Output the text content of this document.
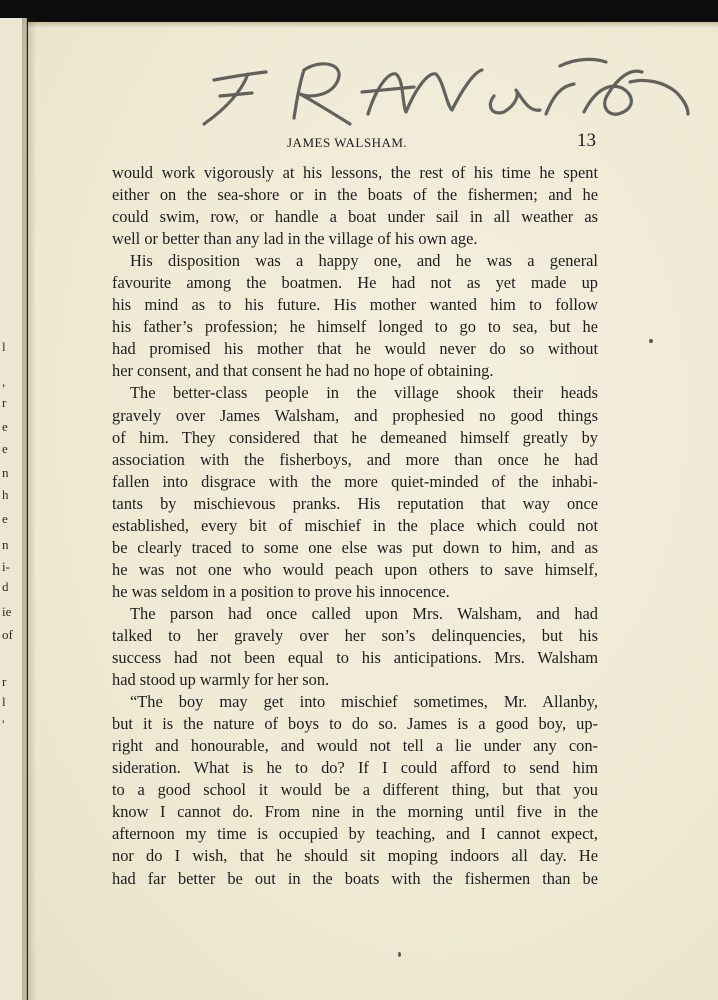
l
,
r
e
e
n
h
e
n
i-
d
ie
of
r
l
'
JAMES WALSHAM.	13
would work vigorously at his lessons, the rest of his time he spent
either on the sea-shore or in the boats of the fishermen; and he
could swim, row, or handle a boat under sail in all weather as
well or better than any lad in the village of his own age.
His disposition was a happy one, and he was a general
favourite among the boatmen. He had not as yet made up
his mind as to his future. His mother wanted him to follow
his father’s profession; he himself longed to go to sea, but he
had promised his mother that he would never do so without
her consent, and that consent he had no hope of obtaining.
The better-class people in the village shook their heads
gravely over James Walsham, and prophesied no good things
of him. They considered that he demeaned himself greatly by
association with the fisherboys, and more than once he had
fallen into disgrace with the more quiet-minded of the inhabi-
tants by mischievous pranks. His reputation that way once
established, every bit of mischief in the place which could not
be clearly traced to some one else was put down to him, and as
he was not one who would peach upon others to save himself,
he was seldom in a position to prove his innocence.
The parson had once called upon Mrs. Walsham, and had
talked to her gravely over her son’s delinquencies, but his
success had not been equal to his anticipations. Mrs. Walsham
had stood up warmly for her son.
“The boy may get into mischief sometimes, Mr. Allanby,
but it is the nature of boys to do so. James is a good boy, up-
right and honourable, and would not tell a lie under any con-
sideration. What is he to do? If I could afford to send him
to a good school it would be a different thing, but that you
know I cannot do. From nine in the morning until five in the
afternoon my time is occupied by teaching, and I cannot expect,
nor do I wish, that he should sit moping indoors all day. He
had far better be out in the boats with the fishermen than be
